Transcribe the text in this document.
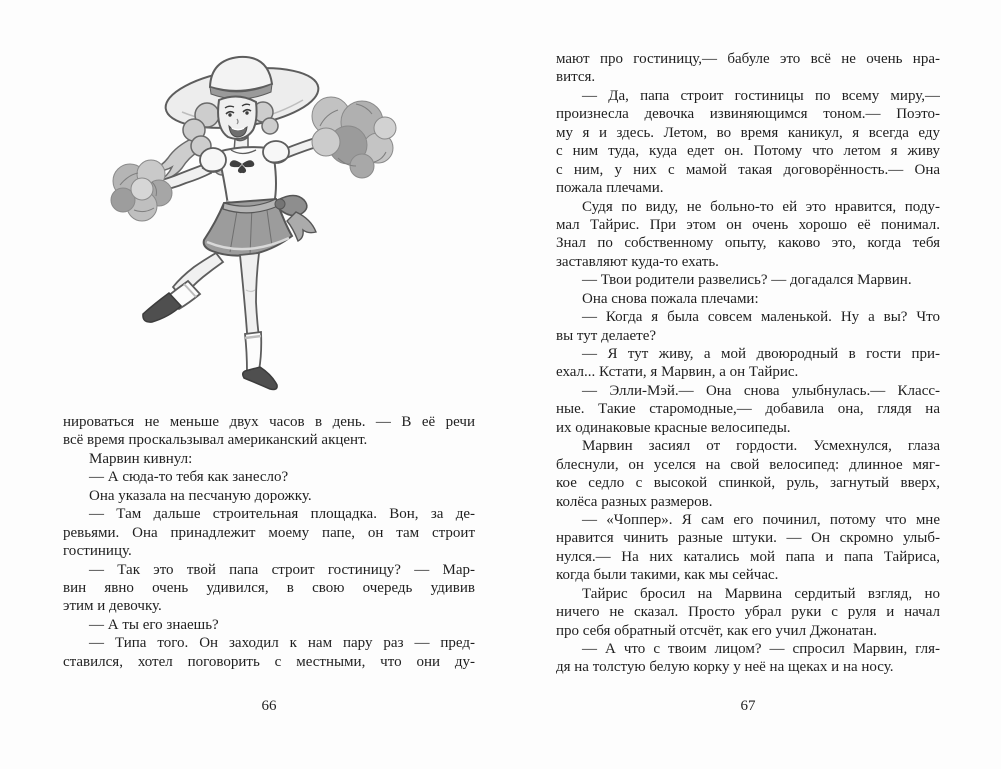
нироваться не меньше двух часов в день. — В её речи
всё время проскальзывал американский акцент.
Марвин кивнул:
— А сюда-то тебя как занесло?
Она указала на песчаную дорожку.
— Там дальше строительная площадка. Вон, за де-
ревьями. Она принадлежит моему папе, он там строит
гостиницу.
— Так это твой папа строит гостиницу? — Мар-
вин явно очень удивился, в свою очередь удивив
этим и девочку.
— А ты его знаешь?
— Типа того. Он заходил к нам пару раз — пред-
ставился, хотел поговорить с местными, что они ду-
66
мают про гостиницу,— бабуле это всё не очень нра-
вится.
— Да, папа строит гостиницы по всему миру,—
произнесла девочка извиняющимся тоном.— Поэто-
му я и здесь. Летом, во время каникул, я всегда еду
с ним туда, куда едет он. Потому что летом я живу
с ним, у них с мамой такая договорённость.— Она
пожала плечами.
Судя по виду, не больно-то ей это нравится, поду-
мал Тайрис. При этом он очень хорошо её понимал.
Знал по собственному опыту, каково это, когда тебя
заставляют куда-то ехать.
— Твои родители развелись? — догадался Марвин.
Она снова пожала плечами:
— Когда я была совсем маленькой. Ну а вы? Что
вы тут делаете?
— Я тут живу, а мой двоюродный в гости при-
ехал... Кстати, я Марвин, а он Тайрис.
— Элли-Мэй.— Она снова улыбнулась.— Класс-
ные. Такие старомодные,— добавила она, глядя на
их одинаковые красные велосипеды.
Марвин засиял от гордости. Усмехнулся, глаза
блеснули, он уселся на свой велосипед: длинное мяг-
кое седло с высокой спинкой, руль, загнутый вверх,
колёса разных размеров.
— «Чоппер». Я сам его починил, потому что мне
нравится чинить разные штуки. — Он скромно улыб-
нулся.— На них катались мой папа и папа Тайриса,
когда были такими, как мы сейчас.
Тайрис бросил на Марвина сердитый взгляд, но
ничего не сказал. Просто убрал руки с руля и начал
про себя обратный отсчёт, как его учил Джонатан.
— А что с твоим лицом? — спросил Марвин, гля-
дя на толстую белую корку у неё на щеках и на носу.
67
